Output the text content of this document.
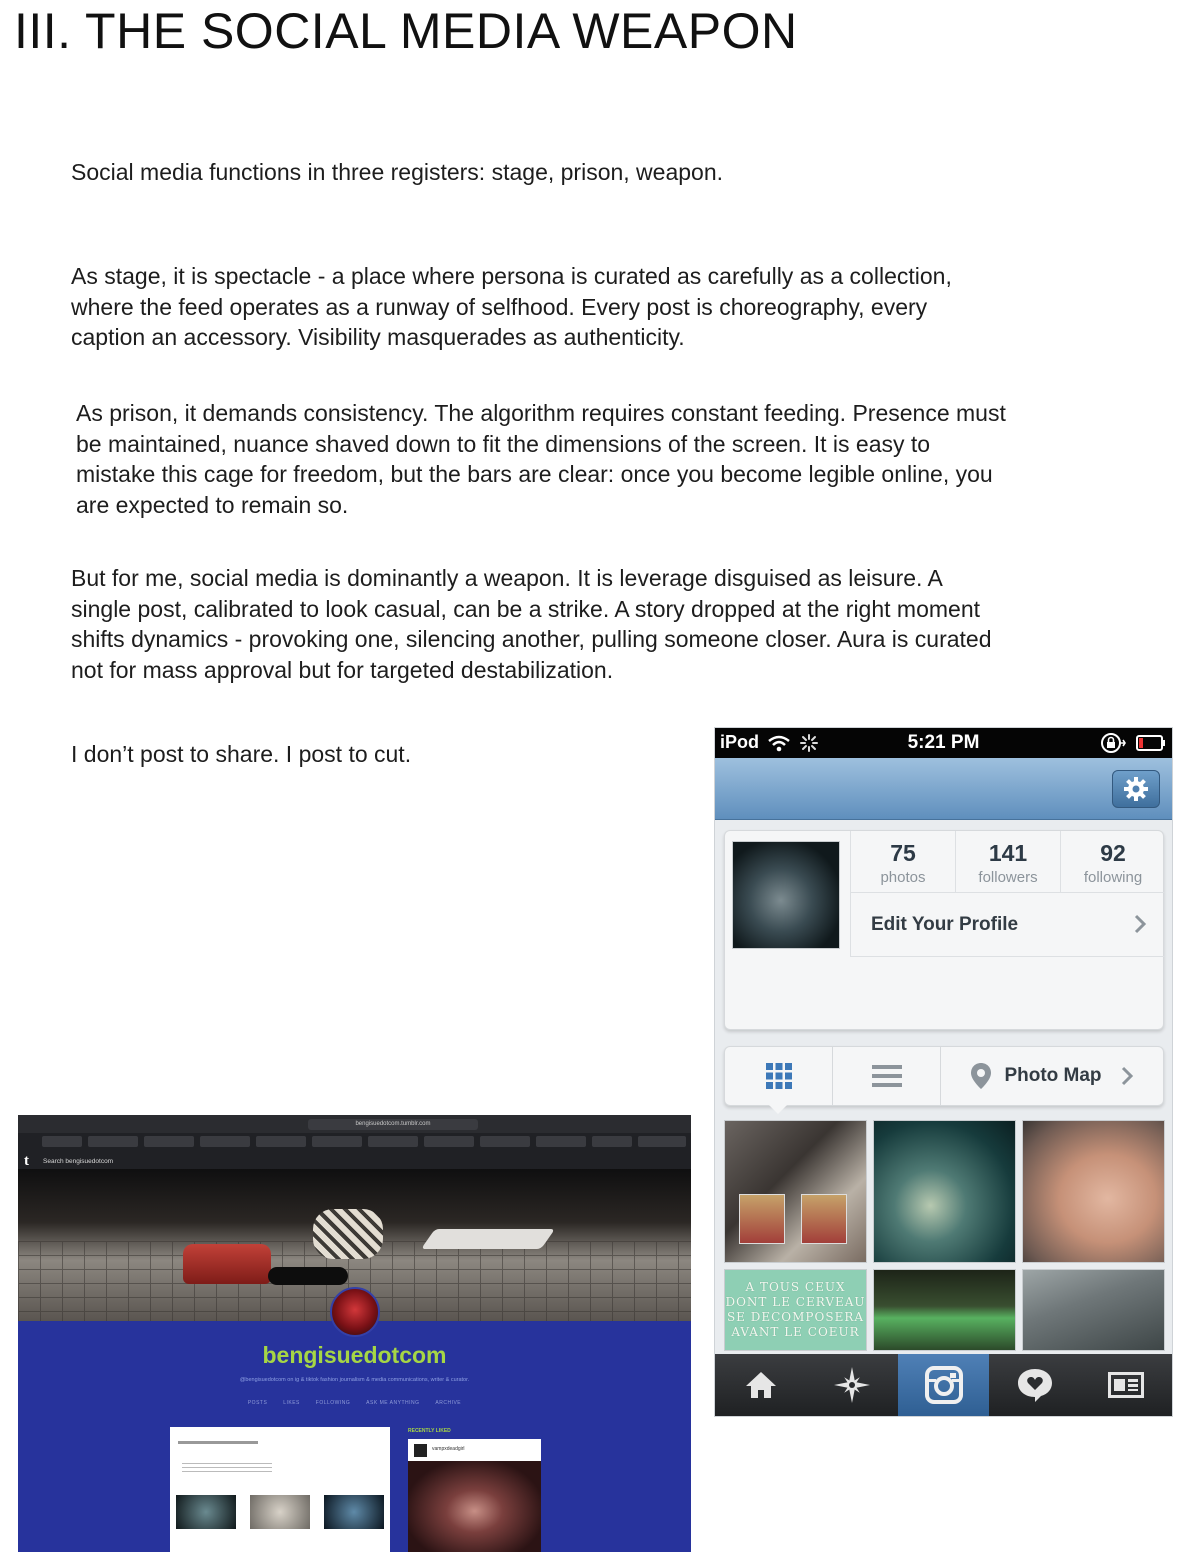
III. THE SOCIAL MEDIA WEAPON

Social media functions in three registers: stage, prison, weapon.

As stage, it is spectacle - a place where persona is curated as carefully as a collection, where the feed operates as a runway of selfhood. Every post is choreography, every caption an accessory. Visibility masquerades as authenticity.

As prison, it demands consistency. The algorithm requires constant feeding. Presence must be maintained, nuance shaved down to fit the dimensions of the screen. It is easy to mistake this cage for freedom, but the bars are clear: once you become legible online, you are expected to remain so.

But for me, social media is dominantly a weapon. It is leverage disguised as leisure. A single post, calibrated to look casual, can be a strike. A story dropped at the right moment shifts dynamics - provoking one, silencing another, pulling someone closer. Aura is curated not for mass approval but for targeted destabilization.

I don’t post to share. I post to cut.	iPod	5:21 PM
75
photos
141
followers
92
following
Edit Your Profile
Photo Map
A TOUS CEUX DONT LE CERVEAU SE DECOMPOSERA AVANT LE COEUR
bengisuedotcom.tumblr.com
t	Search bengisuedotcom
bengisuedotcom
@bengisuedotcom on ig & tiktok fashion journalism & media communications, writer & curator.
POSTS	LIKES	FOLLOWING	ASK ME ANYTHING	ARCHIVE
RECENTLY LIKED
vampxdeadgirl
